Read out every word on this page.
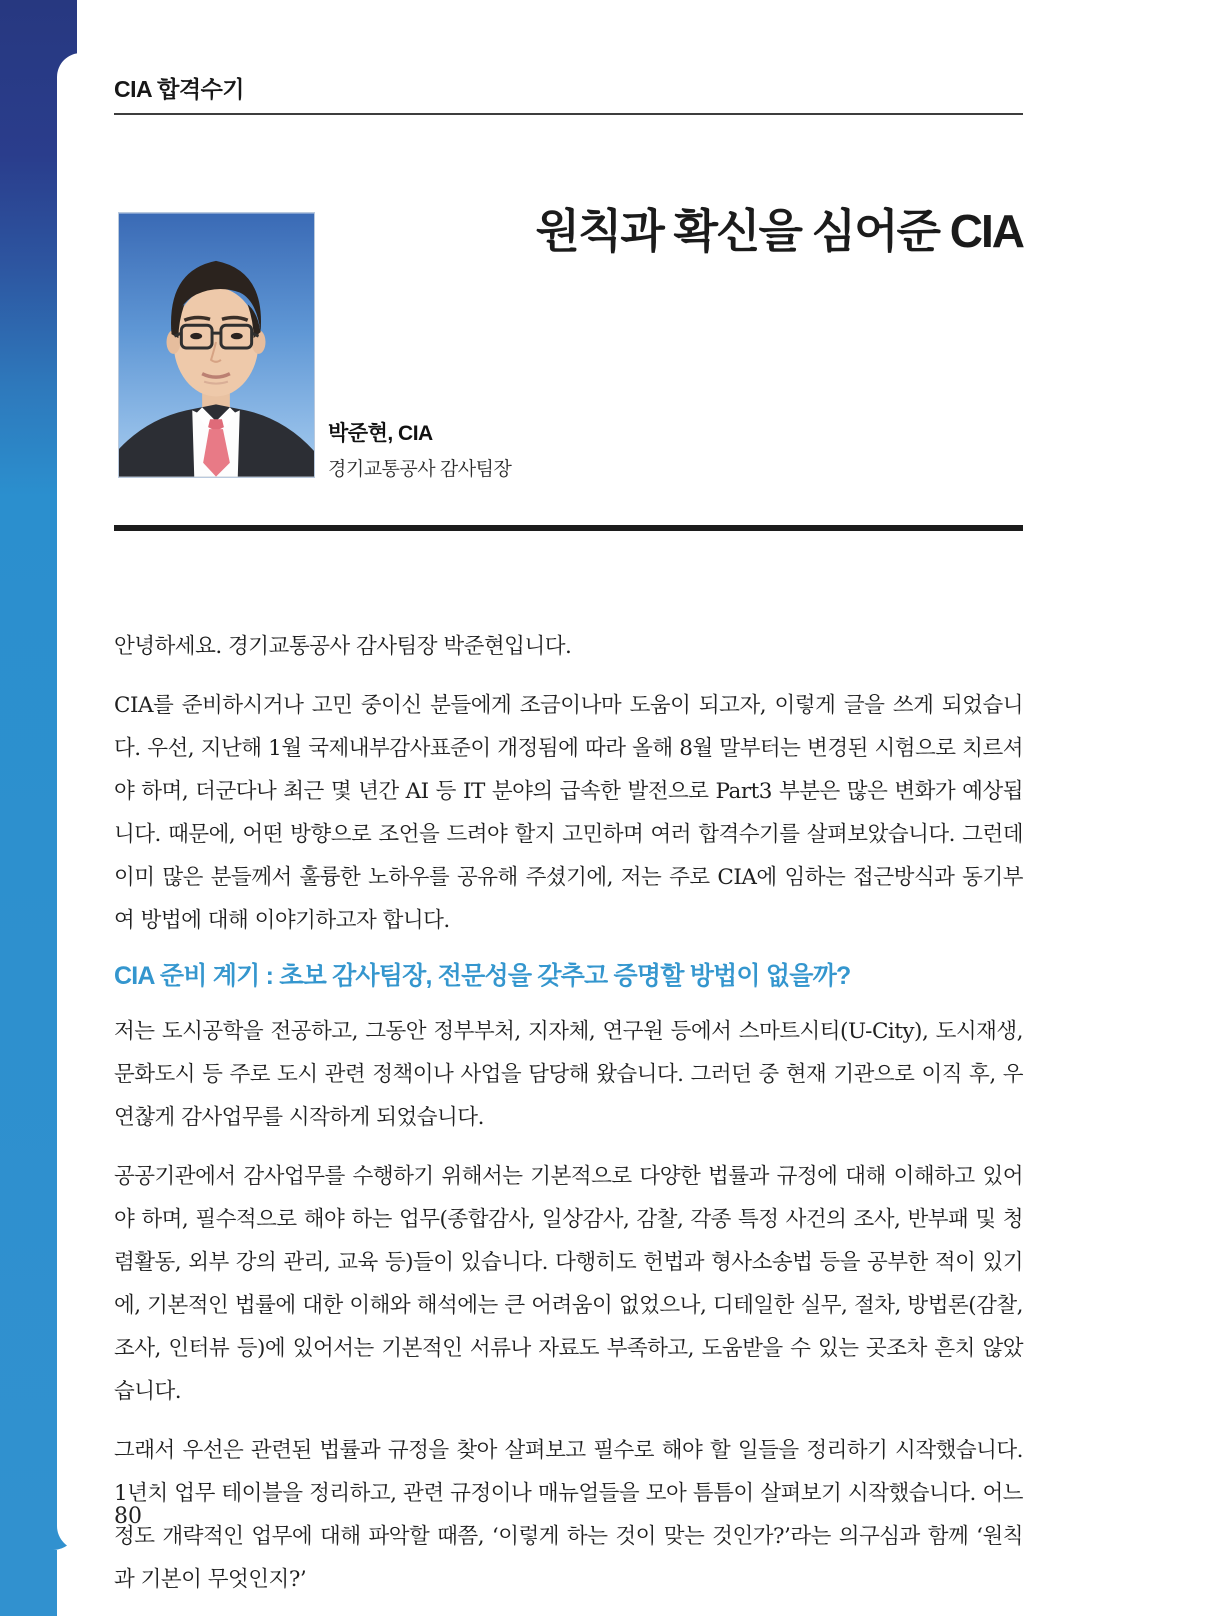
CIA 합격수기
원칙과 확신을 심어준 CIA
박준현, CIA
경기교통공사 감사팀장

안녕하세요. 경기교통공사 감사팀장 박준현입니다.

CIA를 준비하시거나 고민 중이신 분들에게 조금이나마 도움이 되고자, 이렇게 글을 쓰게 되었습니다. 우선, 지난해 1월 국제내부감사표준이 개정됨에 따라 올해 8월 말부터는 변경된 시험으로 치르셔야 하며, 더군다나 최근 몇 년간 AI 등 IT 분야의 급속한 발전으로 Part3 부분은 많은 변화가 예상됩니다. 때문에, 어떤 방향으로 조언을 드려야 할지 고민하며 여러 합격수기를 살펴보았습니다. 그런데 이미 많은 분들께서 훌륭한 노하우를 공유해 주셨기에, 저는 주로 CIA에 임하는 접근방식과 동기부여 방법에 대해 이야기하고자 합니다.

CIA 준비 계기 : 초보 감사팀장, 전문성을 갖추고 증명할 방법이 없을까?

저는 도시공학을 전공하고, 그동안 정부부처, 지자체, 연구원 등에서 스마트시티(U-City), 도시재생, 문화도시 등 주로 도시 관련 정책이나 사업을 담당해 왔습니다. 그러던 중 현재 기관으로 이직 후, 우연찮게 감사업무를 시작하게 되었습니다.

공공기관에서 감사업무를 수행하기 위해서는 기본적으로 다양한 법률과 규정에 대해 이해하고 있어야 하며, 필수적으로 해야 하는 업무(종합감사, 일상감사, 감찰, 각종 특정 사건의 조사, 반부패 및 청렴활동, 외부 강의 관리, 교육 등)들이 있습니다. 다행히도 헌법과 형사소송법 등을 공부한 적이 있기에, 기본적인 법률에 대한 이해와 해석에는 큰 어려움이 없었으나, 디테일한 실무, 절차, 방법론(감찰, 조사, 인터뷰 등)에 있어서는 기본적인 서류나 자료도 부족하고, 도움받을 수 있는 곳조차 흔치 않았습니다.

그래서 우선은 관련된 법률과 규정을 찾아 살펴보고 필수로 해야 할 일들을 정리하기 시작했습니다. 1년치 업무 테이블을 정리하고, 관련 규정이나 매뉴얼들을 모아 틈틈이 살펴보기 시작했습니다. 어느 정도 개략적인 업무에 대해 파악할 때쯤, ‘이렇게 하는 것이 맞는 것인가?’라는 의구심과 함께 ‘원칙과 기본이 무엇인지?’

80
